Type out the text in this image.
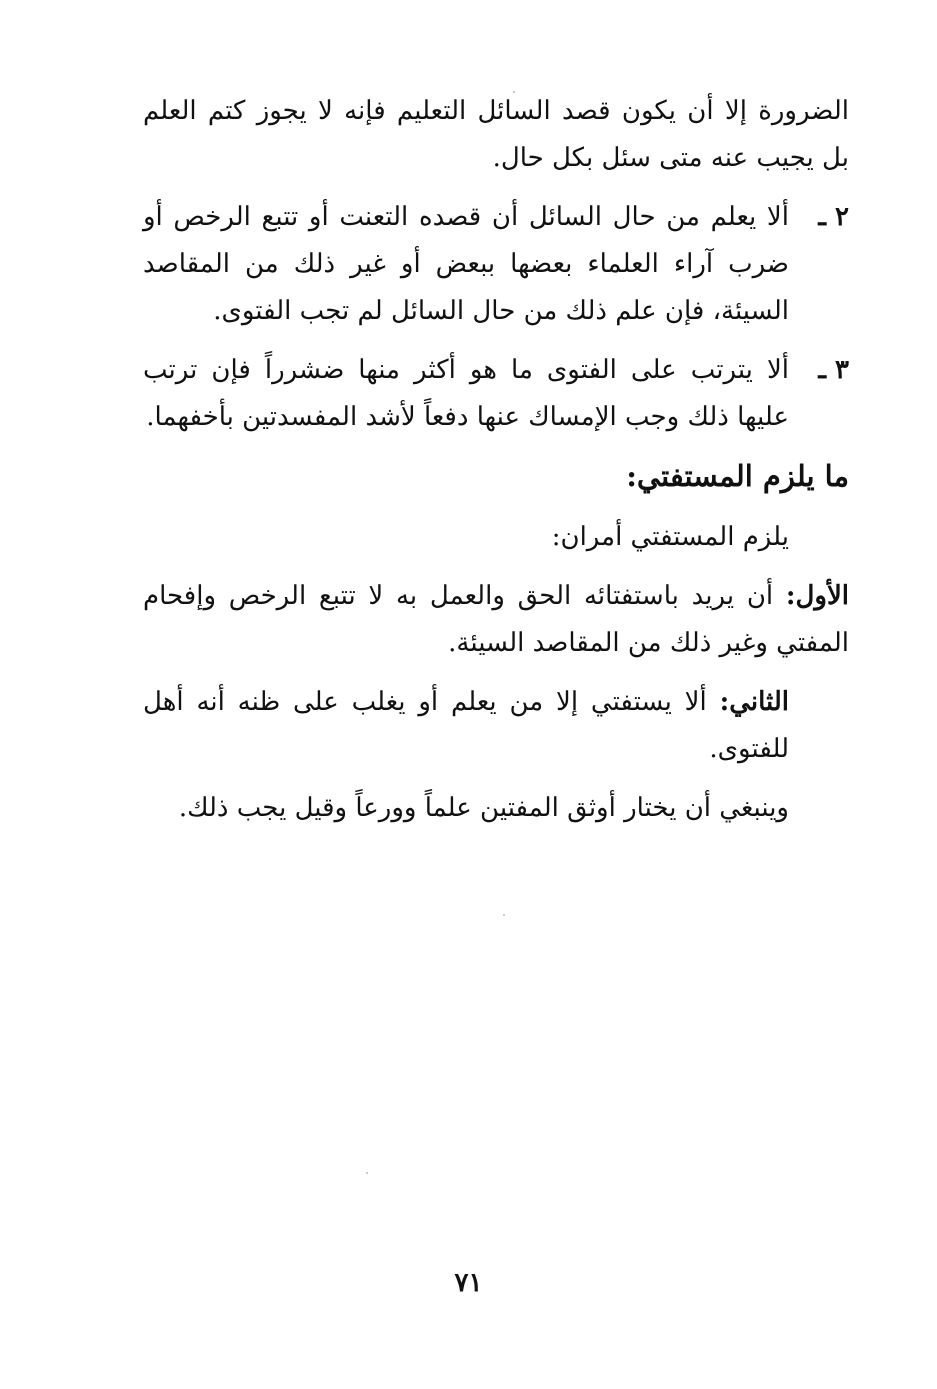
الضرورة إلا أن يكون قصد السائل التعليم فإنه لا يجوز كتم العلم بل يجيب عنه متى سئل بكل حال.

٢ ـ
ألا يعلم من حال السائل أن قصده التعنت أو تتبع الرخص أو ضرب آراء العلماء بعضها ببعض أو غير ذلك من المقاصد السيئة، فإن علم ذلك من حال السائل لم تجب الفتوى.
٣ ـ
ألا يترتب على الفتوى ما هو أكثر منها ضشرراً فإن ترتب عليها ذلك وجب الإمساك عنها دفعاً لأشد المفسدتين بأخفهما.
ما يلزم المستفتي:

يلزم المستفتي أمران:

الأول: أن يريد باستفتائه الحق والعمل به لا تتبع الرخص وإفحام المفتي وغير ذلك من المقاصد السيئة.

الثاني: ألا يستفتي إلا من يعلم أو يغلب على ظنه أنه أهل للفتوى.

وينبغي أن يختار أوثق المفتين علماً وورعاً وقيل يجب ذلك.

٧١
